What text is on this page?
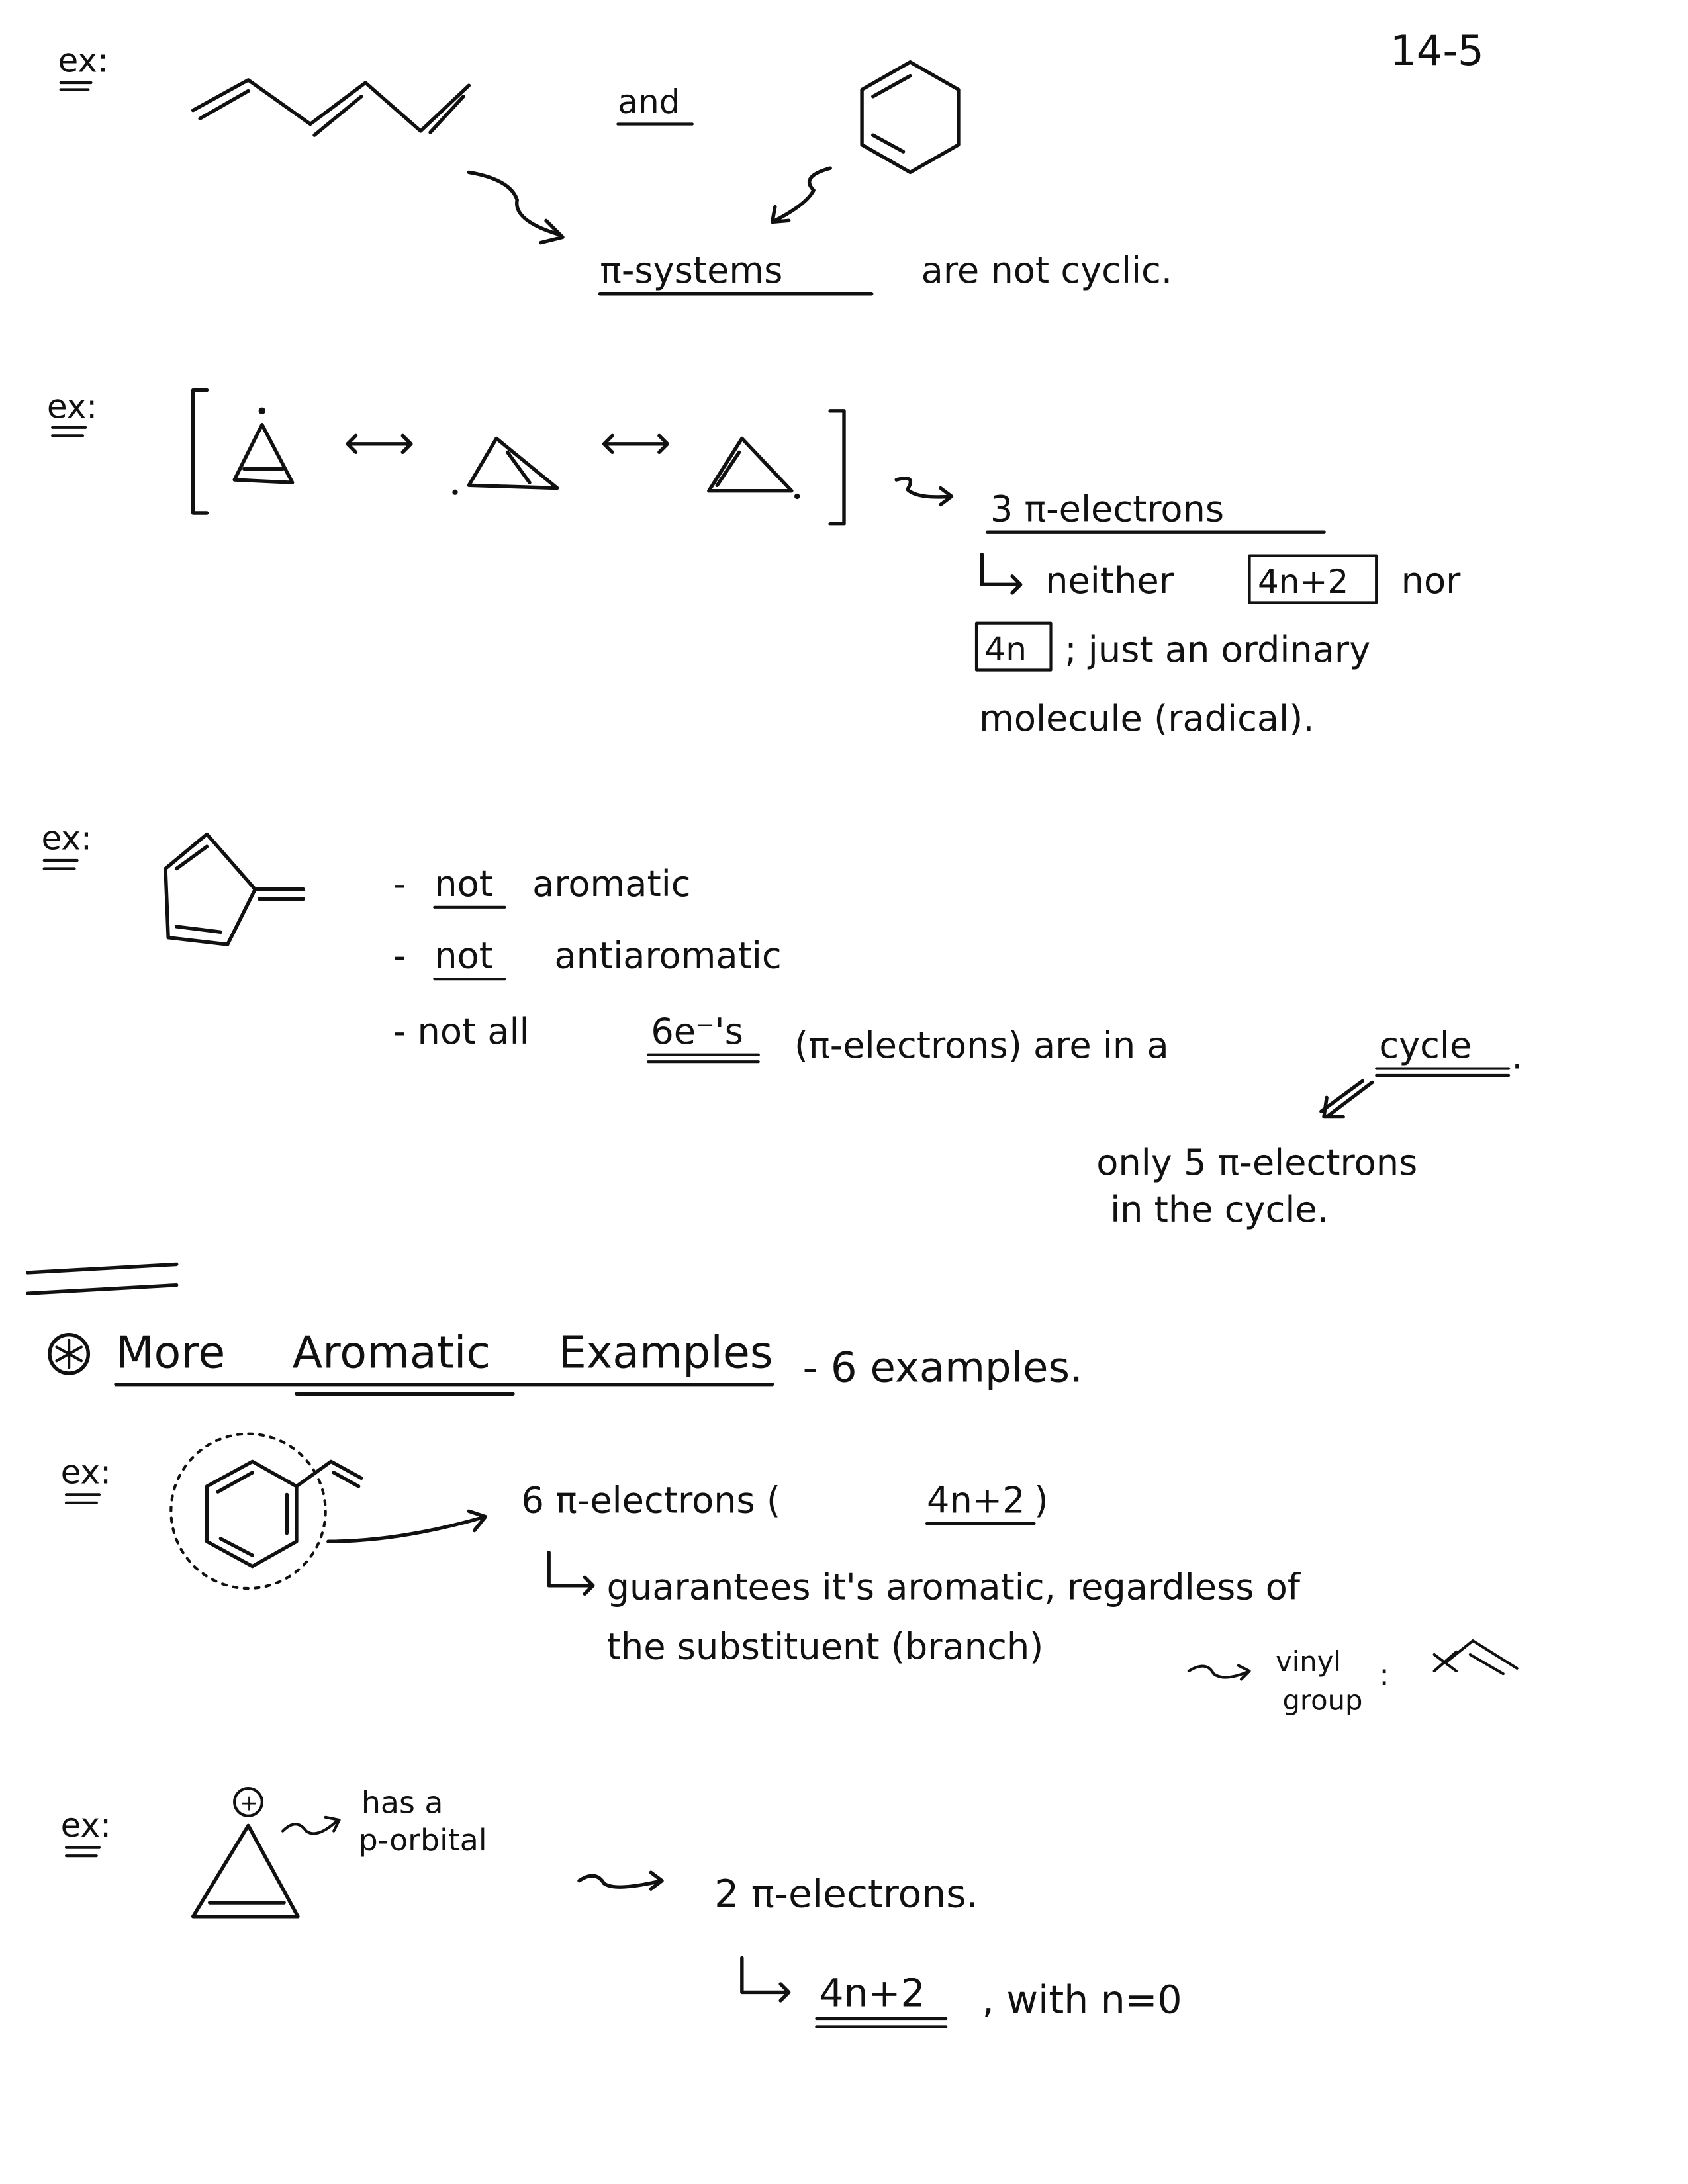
14-5
ex:
and
π-systems	are not cyclic.
ex:
3 π-electrons
neither	4n+2	nor
4n ; just an ordinary
molecule (radical).
ex:
- not aromatic
- not	antiaromatic
- not all	6e⁻'s	(π-electrons) are in a	cycle .
only 5 π-electrons
in the cycle.
More	Aromatic	Examples - 6 examples.
ex:
6 π-electrons (	4n+2 )
guarantees it's aromatic, regardless of
the substituent (branch)	vinyl
group
:
ex:
+	has a
p-orbital
2 π-electrons.
4n+2	, with n=0
